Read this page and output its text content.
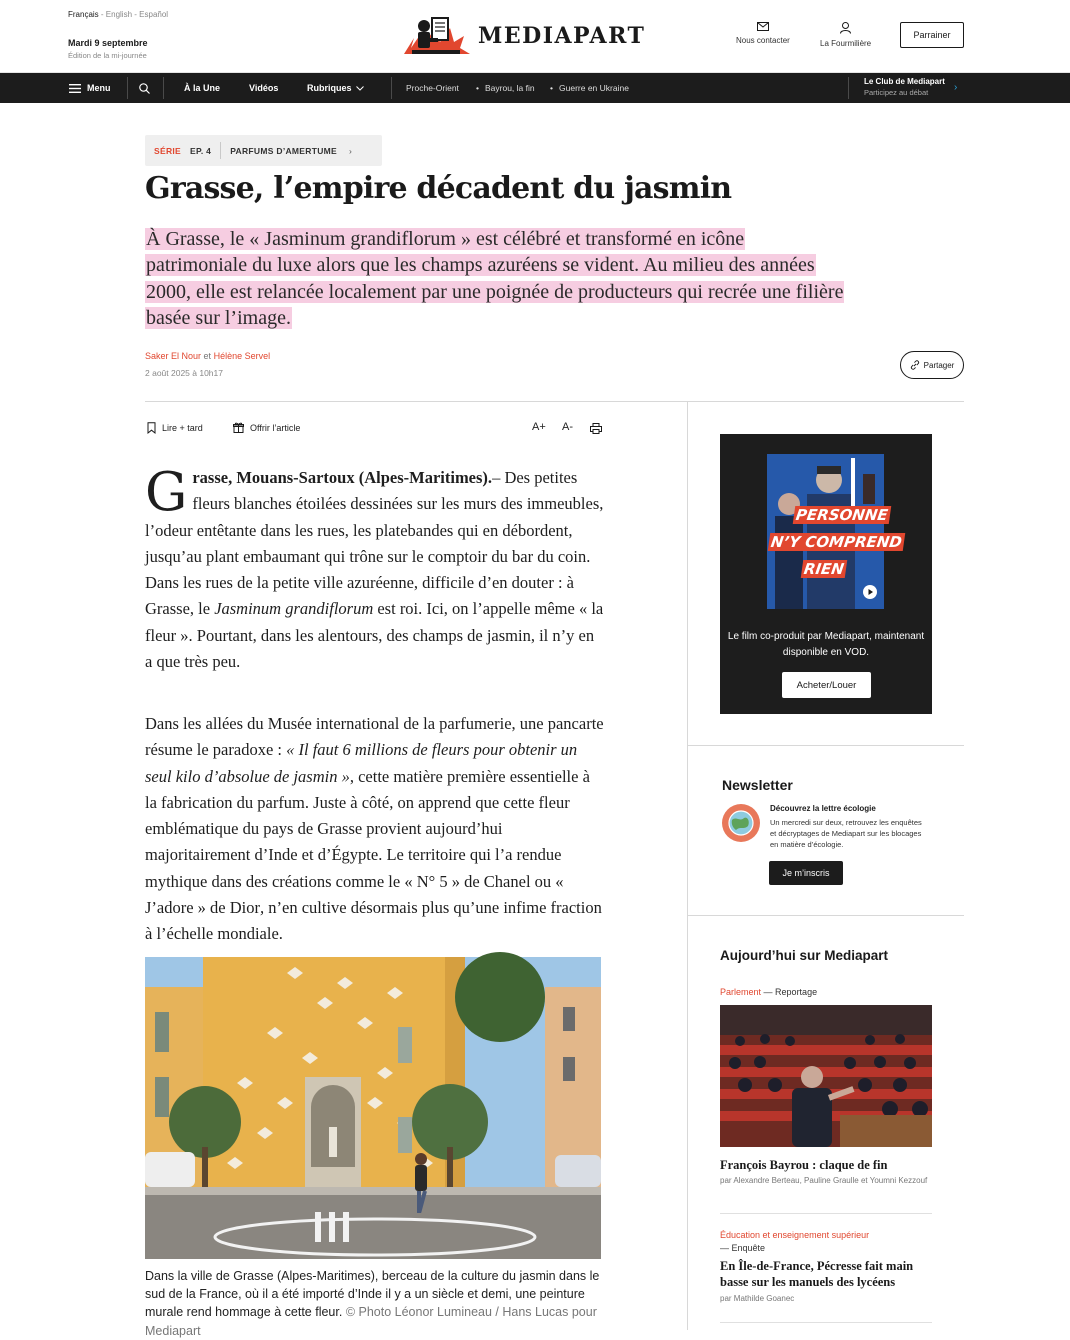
Français - English - Español
Mardi 9 septembre
Édition de la mi-journée
MEDIAPART	Nous contacter	La Fourmilière
Parrainer
Menu	À la Une	Vidéos	Rubriques	Proche-Orient • Bayrou, la fin • Guerre en Ukraine
Le Club de Mediapart
Participez au débat	›
SÉRIE EP. 4 PARFUMS D’AMERTUME ›
Grasse, l’empire décadent du jasmin

À Grasse, le « Jasminum grandiflorum » est célébré et transformé en icône patrimoniale du luxe alors que les champs azuréens se vident. Au milieu des années 2000, elle est relancée localement par une poignée de producteurs qui recrée une filière basée sur l’image.

Saker El Nour et Hélène Servel
2 août 2025 à 10h17
Partager
Lire + tard	Offrir l’article	A+ A-

Grasse, Mouans-Sartoux (Alpes-Maritimes).– Des petites fleurs blanches étoilées dessinées sur les murs des immeubles, l’odeur entêtante dans les rues, les platebandes qui en débordent, jusqu’au plant embaumant qui trône sur le comptoir du bar du coin. Dans les rues de la petite ville azuréenne, difficile d’en douter : à Grasse, le Jasminum grandiflorum est roi. Ici, on l’appelle même « la fleur ». Pourtant, dans les alentours, des champs de jasmin, il n’y en a que très peu.

Dans les allées du Musée international de la parfumerie, une pancarte résume le paradoxe : « Il faut 6 millions de fleurs pour obtenir un seul kilo d’absolue de jasmin », cette matière première essentielle à la fabrication du parfum. Juste à côté, on apprend que cette fleur emblématique du pays de Grasse provient aujourd’hui majoritairement d’Inde et d’Égypte. Le territoire qui l’a rendue mythique dans des créations comme le « N° 5 » de Chanel ou « J’adore » de Dior, n’en cultive désormais plus qu’une infime fraction à l’échelle mondiale.

Dans la ville de Grasse (Alpes-Maritimes), berceau de la culture du jasmin dans le sud de la France, où il a été importé d’Inde il y a un siècle et demi, une peinture murale rend hommage à cette fleur. © Photo Léonor Lumineau / Hans Lucas pour Mediapart
PERSONNE
N’Y COMPREND
RIEN
Le film co-produit par Mediapart, maintenant disponible en VOD.
Acheter/Louer
Newsletter
Découvrez la lettre écologie
Un mercredi sur deux, retrouvez les enquêtes et décryptages de Mediapart sur les blocages en matière d’écologie.
Je m’inscris
Aujourd’hui sur Mediapart
Parlement — Reportage
François Bayrou : claque de fin
par Alexandre Berteau, Pauline Graulle et Youmni Kezzouf
Éducation et enseignement supérieur
— Enquête
En Île-de-France, Pécresse fait main basse sur les manuels des lycéens
par Mathilde Goanec
